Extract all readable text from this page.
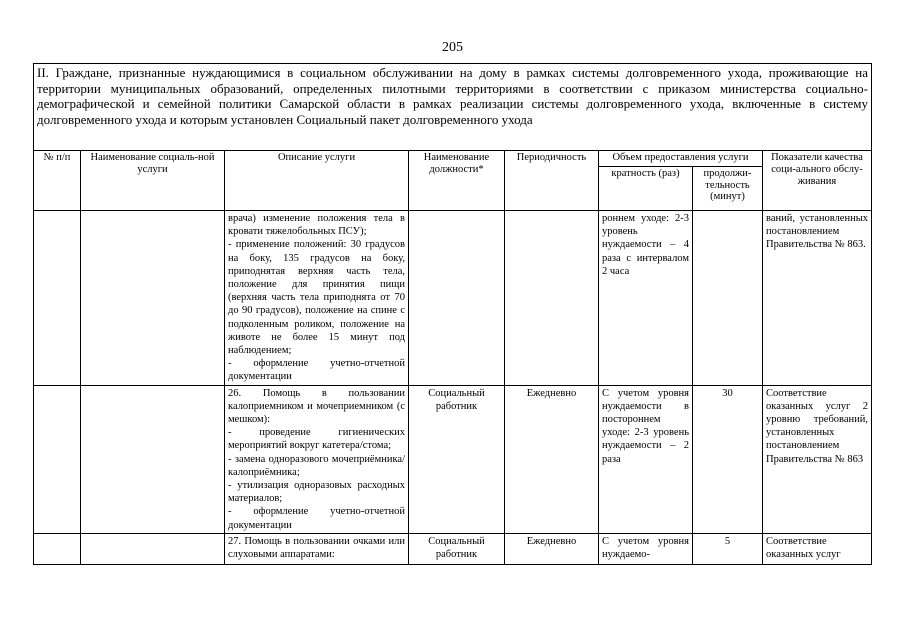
205
II. Граждане, признанные нуждающимися в социальном обслуживании на дому в рамках системы долговременного ухода, проживающие на территории муниципальных образований, определенных пилотными территориями в соответствии с приказом министерства социально-демографической и семейной политики Самарской области в рамках реализации системы долговременного ухода, включенные в систему долговременного ухода и которым установлен Социальный пакет долговременного ухода							
№ п/п	Наименование социаль-ной услуги	Описание услуги	Наименование должности*	Периодичность	Объем предоставления услуги		Показатели качества соци-ального обслу-живания
					кратность (раз)	продолжи-тельность (минут)	

		врача) изменение положения тела в кровати тяжелобольных ПСУ);
- применение положений: 30 градусов на боку, 135 градусов на боку, приподнятая верхняя часть тела, положение для принятия пищи (верхняя часть тела приподнята от 70 до 90 градусов), положение на спине с подколенным роликом, положение на животе не более 15 минут под наблюдением;
- оформление учетно-отчетной документации			роннем уходе: 2-3 уровень нуждаемости – 4 раза с интервалом 2 часа		ваний, установленных постановлением Правительства № 863.

		26. Помощь в пользовании калоприемником и мочеприемником (с мешком):
- проведение гигиенических мероприятий вокруг катетера/стома;
- замена одноразового мочеприёмника/ калоприёмника;
- утилизация одноразовых расходных материалов;
- оформление учетно-отчетной документации	Социальный работник	Ежедневно	С учетом уровня нуждаемости в постороннем уходе: 2-3 уровень нуждаемости – 2 раза	30	Соответствие оказанных услуг 2 уровню требований, установленных постановлением Правительства № 863

		27. Помощь в пользовании очками или слуховыми аппаратами:	Социальный работник	Ежедневно	С учетом уровня нуждаемо-	5	Соответствие оказанных услуг
